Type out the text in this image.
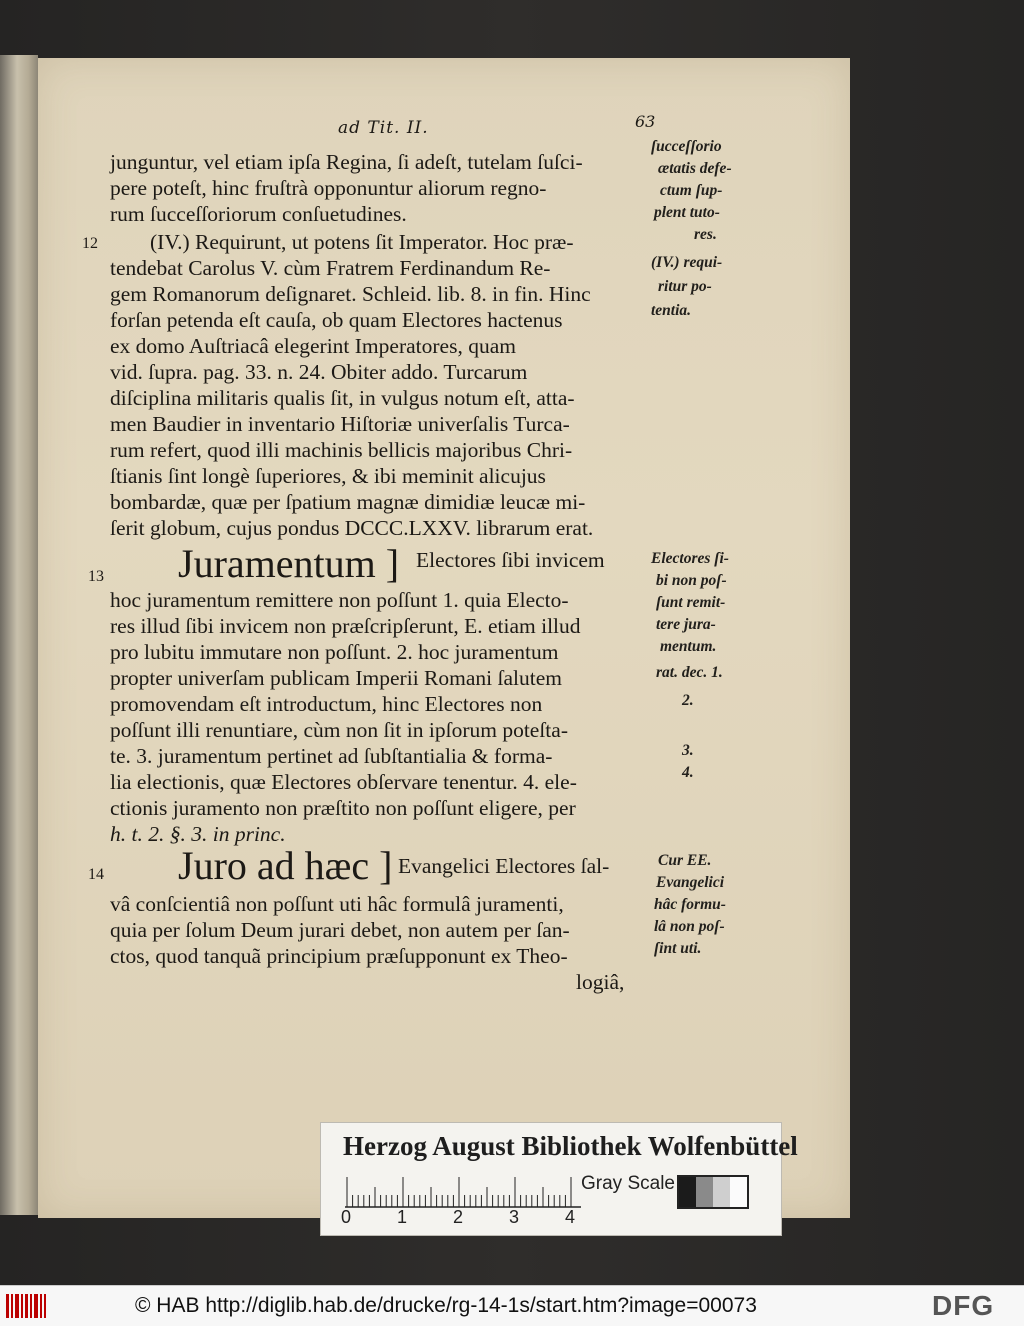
ad Tit. II.	63
junguntur, vel etiam ipſa Regina, ſi adeſt, tutelam ſuſci-
pere poteſt, hinc fruſtrà opponuntur aliorum regno-
rum ſucceſſoriorum conſuetudines.
12 (IV.) Requirunt, ut potens ſit Imperator. Hoc præ-
tendebat Carolus V. cùm Fratrem Ferdinandum Re-
gem Romanorum deſignaret. Schleid. lib. 8. in fin. Hinc
forſan petenda eſt cauſa, ob quam Electores hactenus
ex domo Auſtriacâ elegerint Imperatores, quam
vid. ſupra. pag. 33. n. 24. Obiter addo. Turcarum
diſciplina militaris qualis ſit, in vulgus notum eſt, atta-
men Baudier in inventario Hiſtoriæ univerſalis Turca-
rum refert, quod illi machinis bellicis majoribus Chri-
ſtianis ſint longè ſuperiores, & ibi meminit alicujus
bombardæ, quæ per ſpatium magnæ dimidiæ leucæ mi-
ſerit globum, cujus pondus DCCC.LXXV. librarum erat.
13 Juramentum ] Electores ſibi invicem
hoc juramentum remittere non poſſunt 1. quia Electo-
res illud ſibi invicem non præſcripſerunt, E. etiam illud
pro lubitu immutare non poſſunt. 2. hoc juramentum
propter univerſam publicam Imperii Romani ſalutem
promovendam eſt introductum, hinc Electores non
poſſunt illi renuntiare, cùm non ſit in ipſorum poteſta-
te. 3. juramentum pertinet ad ſubſtantialia & forma-
lia electionis, quæ Electores obſervare tenentur. 4. ele-
ctionis juramento non præſtito non poſſunt eligere, per
h. t. 2. §. 3. in princ.
14 Juro ad hæc ] Evangelici Electores ſal-
vâ conſcientiâ non poſſunt uti hâc formulâ juramenti,
quia per ſolum Deum jurari debet, non autem per ſan-
ctos, quod tanquã principium præſupponunt ex Theo-
logiâ,
ſucceſſorio
ætatis defe-
ctum ſup-
plent tuto-
res.
(IV.) requi-
ritur po-
tentia.
Electores ſi-
bi non poſ-
ſunt remit-
tere jura-
mentum.
rat. dec. 1.
2.
3.
4.
Cur EE.
Evangelici
hâc formu-
lâ non poſ-
ſint uti.
Herzog August Bibliothek Wolfenbüttel
0	1	2	3	4
Gray Scale
© HAB http://diglib.hab.de/drucke/rg-14-1s/start.htm?image=00073	DFG
